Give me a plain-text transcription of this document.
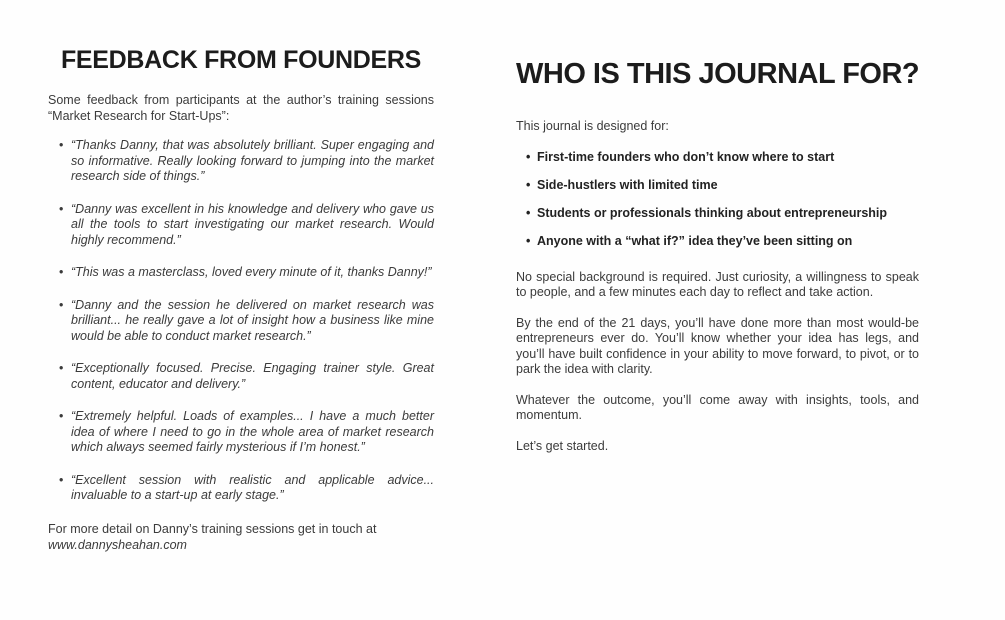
FEEDBACK FROM FOUNDERS

Some feedback from participants at the author’s training sessions “Market Research for Start-Ups”:

• “Thanks Danny, that was absolutely brilliant. Super engaging and so informative. Really looking forward to jumping into the market research side of things.”
• “Danny was excellent in his knowledge and delivery who gave us all the tools to start investigating our market research. Would highly recommend.”
• “This was a masterclass, loved every minute of it, thanks Danny!”
• “Danny and the session he delivered on market research was brilliant... he really gave a lot of insight how a business like mine would be able to conduct market research.”
• “Exceptionally focused. Precise. Engaging trainer style. Great content, educator and delivery.”
• “Extremely helpful. Loads of examples... I have a much better idea of where I need to go in the whole area of market research which always seemed fairly mysterious if I’m honest.”
• “Excellent session with realistic and applicable advice... invaluable to a start-up at early stage.”
For more detail on Danny’s training sessions get in touch at
www.dannysheahan.com
WHO IS THIS JOURNAL FOR?

This journal is designed for:

• First-time founders who don’t know where to start
• Side-hustlers with limited time
• Students or professionals thinking about entrepreneurship
• Anyone with a “what if?” idea they’ve been sitting on

No special background is required. Just curiosity, a willingness to speak to people, and a few minutes each day to reflect and take action.

By the end of the 21 days, you’ll have done more than most would-be entrepreneurs ever do. You’ll know whether your idea has legs, and you’ll have built confidence in your ability to move forward, to pivot, or to park the idea with clarity.

Whatever the outcome, you’ll come away with insights, tools, and momentum.

Let’s get started.
